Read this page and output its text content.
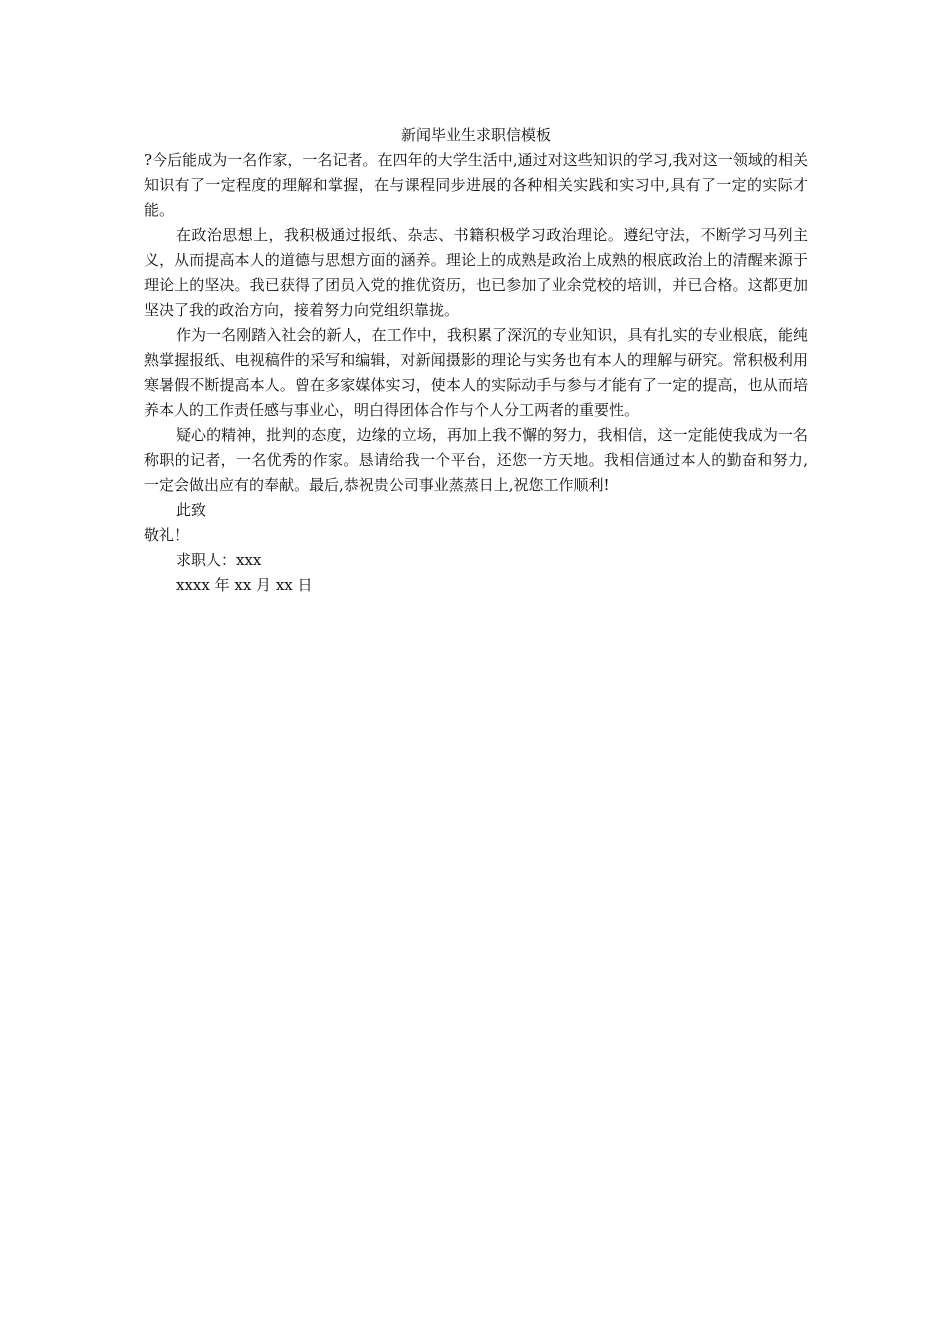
新闻毕业生求职信模板

?今后能成为一名作家，一名记者。在四年的大学生活中,通过对这些知识的学习,我对这一领域的相关知识有了一定程度的理解和掌握，在与课程同步进展的各种相关实践和实习中,具有了一定的实际才能。

在政治思想上，我积极通过报纸、杂志、书籍积极学习政治理论。遵纪守法，不断学习马列主义，从而提高本人的道德与思想方面的涵养。理论上的成熟是政治上成熟的根底政治上的清醒来源于理论上的坚决。我已获得了团员入党的推优资历，也已参加了业余党校的培训，并已合格。这都更加坚决了我的政治方向，接着努力向党组织靠拢。

作为一名刚踏入社会的新人，在工作中，我积累了深沉的专业知识，具有扎实的专业根底，能纯熟掌握报纸、电视稿件的采写和编辑，对新闻摄影的理论与实务也有本人的理解与研究。常积极利用寒暑假不断提高本人。曾在多家媒体实习，使本人的实际动手与参与才能有了一定的提高，也从而培养本人的工作责任感与事业心，明白得团体合作与个人分工两者的重要性。

疑心的精神，批判的态度，边缘的立场，再加上我不懈的努力，我相信，这一定能使我成为一名称职的记者，一名优秀的作家。恳请给我一个平台，还您一方天地。我相信通过本人的勤奋和努力,一定会做出应有的奉献。最后,恭祝贵公司事业蒸蒸日上,祝您工作顺利!

此致

敬礼！

求职人：xxx

xxxx 年 xx 月 xx 日
